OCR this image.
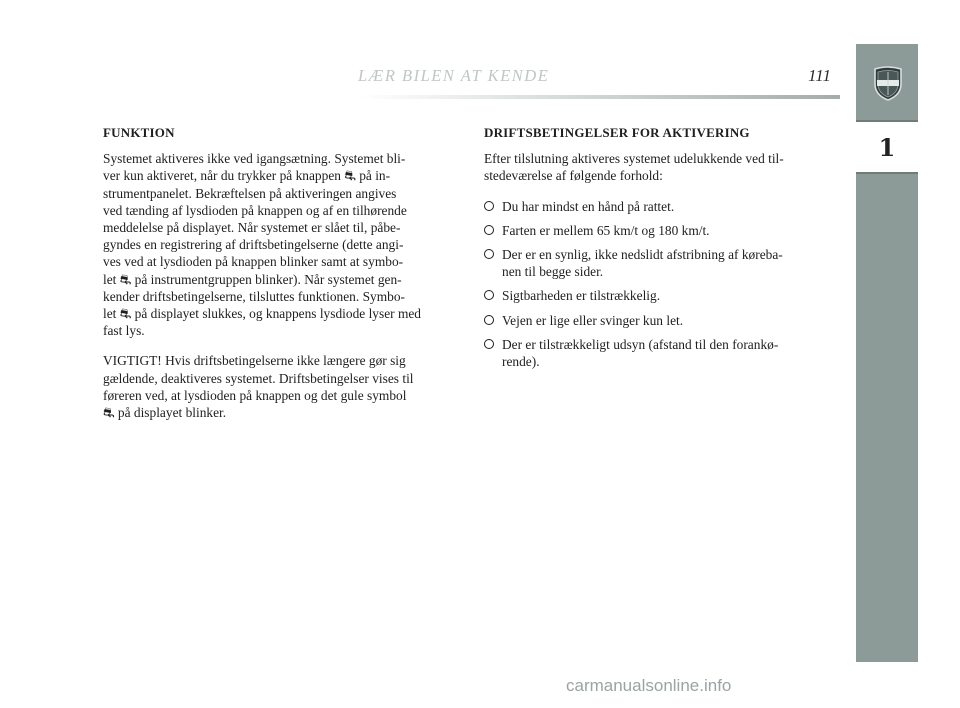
LÆR BILEN AT KENDE	111
1
FUNKTION

Systemet aktiveres ikke ved igangsætning. Systemet bli-
ver kun aktiveret, når du trykker på knappen ⛐ på in-
strumentpanelet. Bekræftelsen på aktiveringen angives
ved tænding af lysdioden på knappen og af en tilhørende
meddelelse på displayet. Når systemet er slået til, påbe-
gyndes en registrering af driftsbetingelserne (dette angi-
ves ved at lysdioden på knappen blinker samt at symbo-
let ⛐ på instrumentgruppen blinker). Når systemet gen-
kender driftsbetingelserne, tilsluttes funktionen. Symbo-
let ⛐ på displayet slukkes, og knappens lysdiode lyser med
fast lys.

VIGTIGT! Hvis driftsbetingelserne ikke længere gør sig
gældende, deaktiveres systemet. Driftsbetingelser vises til
føreren ved, at lysdioden på knappen og det gule symbol
⛐ på displayet blinker.

DRIFTSBETINGELSER FOR AKTIVERING

Efter tilslutning aktiveres systemet udelukkende ved til-
stedeværelse af følgende forhold:

Du har mindst en hånd på rattet.
Farten er mellem 65 km/t og 180 km/t.
Der er en synlig, ikke nedslidt afstribning af køreba-
nen til begge sider.
Sigtbarheden er tilstrækkelig.
Vejen er lige eller svinger kun let.
Der er tilstrækkeligt udsyn (afstand til den forankø-
rende).
carmanualsonline.info
